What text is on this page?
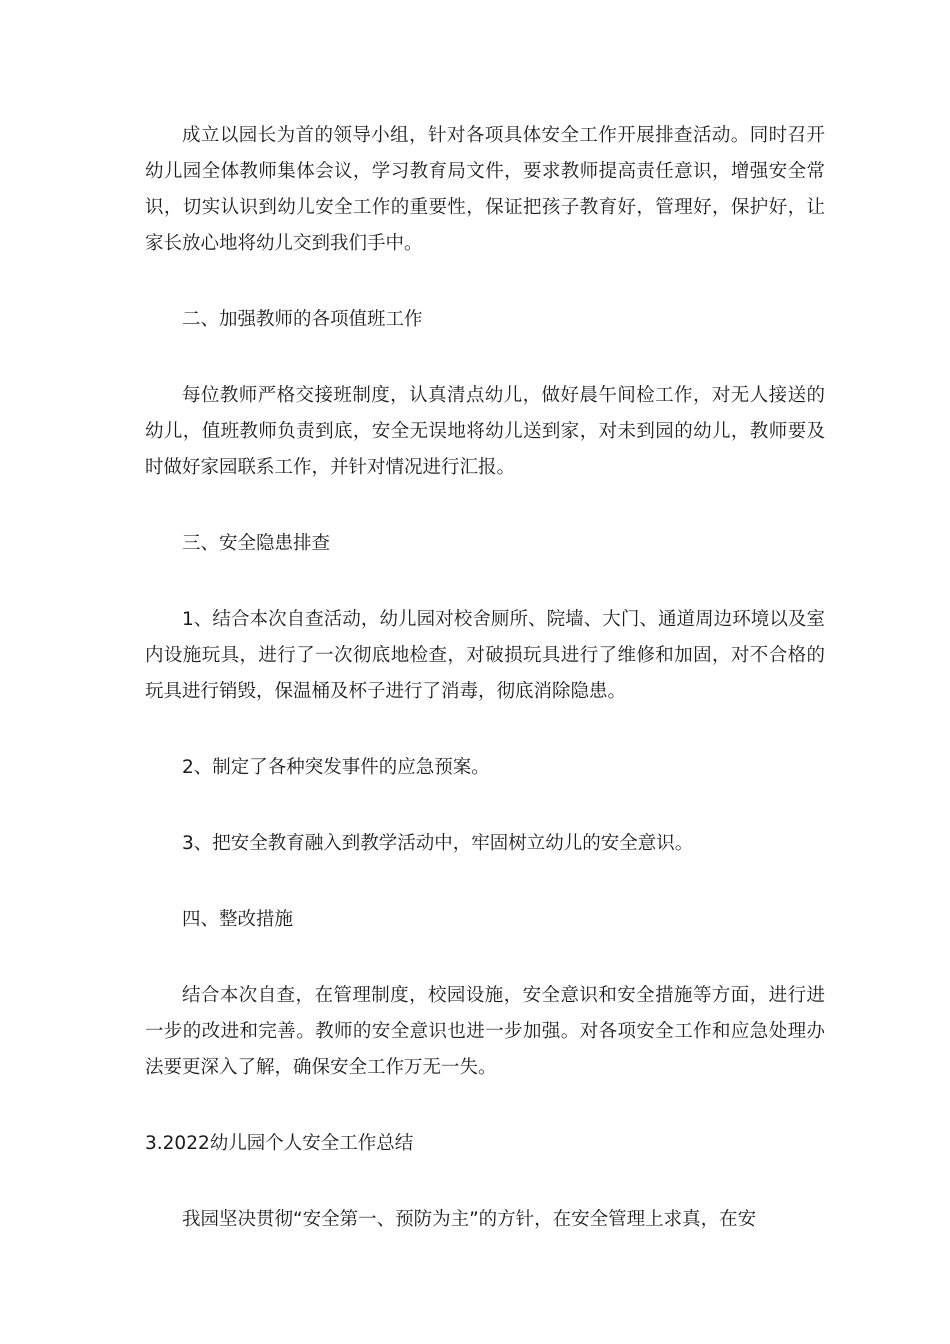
成立以园长为首的领导小组，针对各项具体安全工作开展排查活动。同时召开幼儿园全体教师集体会议，学习教育局文件，要求教师提高责任意识，增强安全常识，切实认识到幼儿安全工作的重要性，保证把孩子教育好，管理好，保护好，让家长放心地将幼儿交到我们手中。

二、加强教师的各项值班工作

每位教师严格交接班制度，认真清点幼儿，做好晨午间检工作，对无人接送的幼儿，值班教师负责到底，安全无误地将幼儿送到家，对未到园的幼儿，教师要及时做好家园联系工作，并针对情况进行汇报。

三、安全隐患排查

1、结合本次自查活动，幼儿园对校舍厕所、院墙、大门、通道周边环境以及室内设施玩具，进行了一次彻底地检查，对破损玩具进行了维修和加固，对不合格的玩具进行销毁，保温桶及杯子进行了消毒，彻底消除隐患。

2、制定了各种突发事件的应急预案。

3、把安全教育融入到教学活动中，牢固树立幼儿的安全意识。

四、整改措施

结合本次自查，在管理制度，校园设施，安全意识和安全措施等方面，进行进一步的改进和完善。教师的安全意识也进一步加强。对各项安全工作和应急处理办法要更深入了解，确保安全工作万无一失。

3.2022幼儿园个人安全工作总结

我园坚决贯彻“安全第一、预防为主”的方针，在安全管理上求真，在安
